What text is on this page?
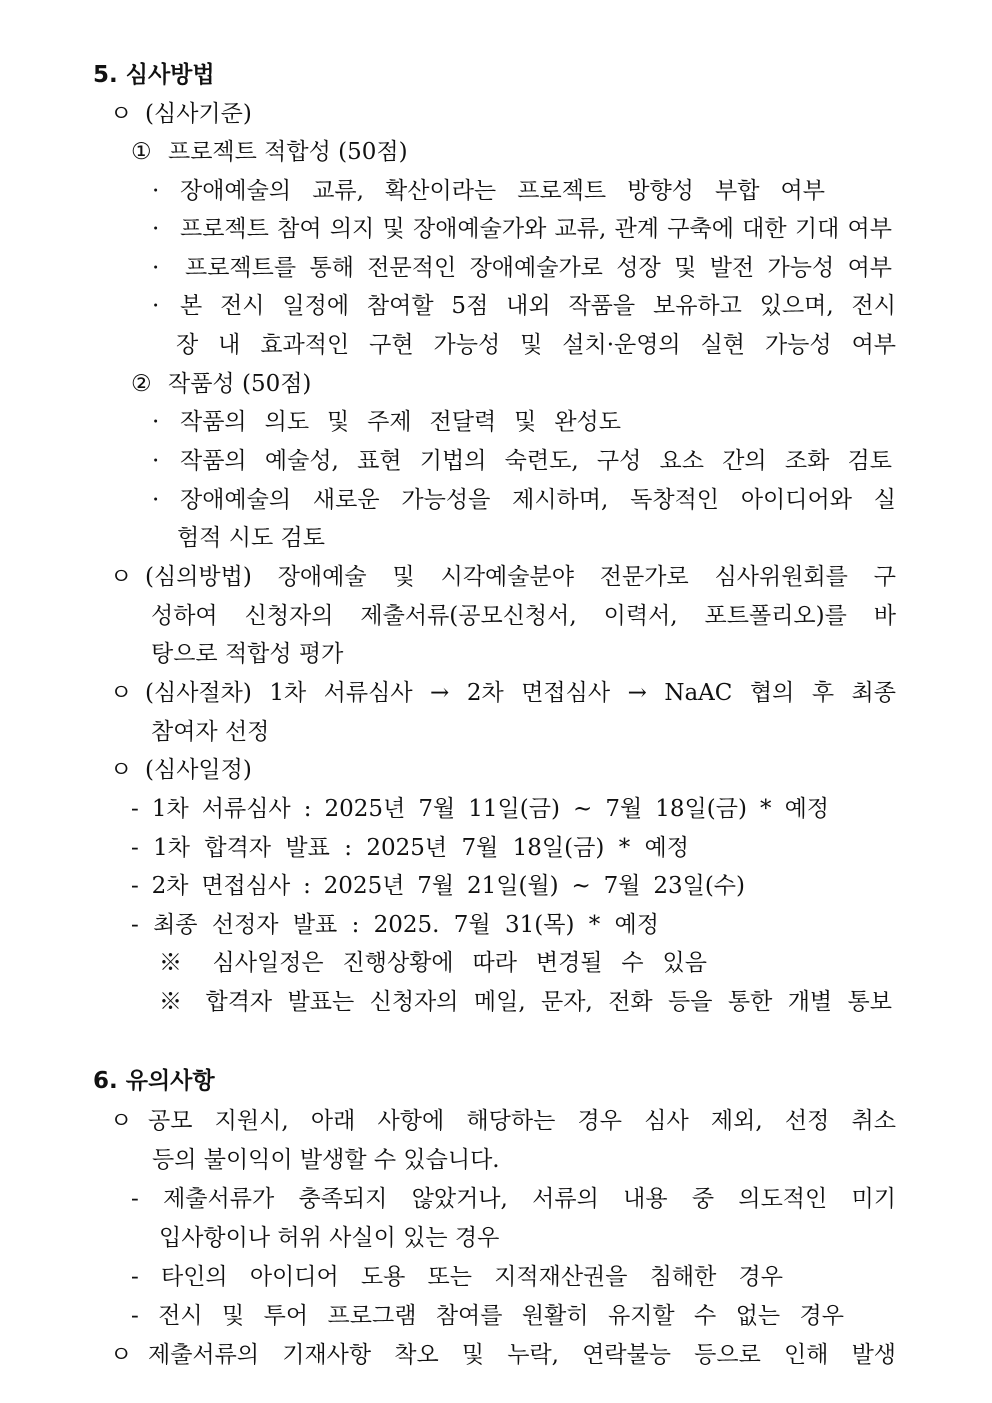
5. 심사방법
ㅇ (심사기준)
① 프로젝트 적합성 (50점)
· 장애예술의 교류, 확산이라는 프로젝트 방향성 부합 여부
· 프로젝트 참여 의지 및 장애예술가와 교류, 관계 구축에 대한 기대 여부
· 프로젝트를 통해 전문적인 장애예술가로 성장 및 발전 가능성 여부
· 본 전시 일정에 참여할 5점 내외 작품을 보유하고 있으며, 전시
장 내 효과적인 구현 가능성 및 설치·운영의 실현 가능성 여부
② 작품성 (50점)
· 작품의 의도 및 주제 전달력 및 완성도
· 작품의 예술성, 표현 기법의 숙련도, 구성 요소 간의 조화 검토
· 장애예술의 새로운 가능성을 제시하며, 독창적인 아이디어와 실
험적 시도 검토
ㅇ (심의방법) 장애예술 및 시각예술분야 전문가로 심사위원회를 구
성하여 신청자의 제출서류(공모신청서, 이력서, 포트폴리오)를 바
탕으로 적합성 평가
ㅇ (심사절차) 1차 서류심사 → 2차 면접심사 → NaAC 협의 후 최종
참여자 선정
ㅇ (심사일정)
- 1차 서류심사 : 2025년 7월 11일(금) ~ 7월 18일(금) * 예정
- 1차 합격자 발표 : 2025년 7월 18일(금) * 예정
- 2차 면접심사 : 2025년 7월 21일(월) ~ 7월 23일(수)
- 최종 선정자 발표 : 2025. 7월 31(목) * 예정
※ 심사일정은 진행상황에 따라 변경될 수 있음
※ 합격자 발표는 신청자의 메일, 문자, 전화 등을 통한 개별 통보
6. 유의사항
ㅇ 공모 지원시, 아래 사항에 해당하는 경우 심사 제외, 선정 취소
등의 불이익이 발생할 수 있습니다.
- 제출서류가 충족되지 않았거나, 서류의 내용 중 의도적인 미기
입사항이나 허위 사실이 있는 경우
- 타인의 아이디어 도용 또는 지적재산권을 침해한 경우
- 전시 및 투어 프로그램 참여를 원활히 유지할 수 없는 경우
ㅇ 제출서류의 기재사항 착오 및 누락, 연락불능 등으로 인해 발생
